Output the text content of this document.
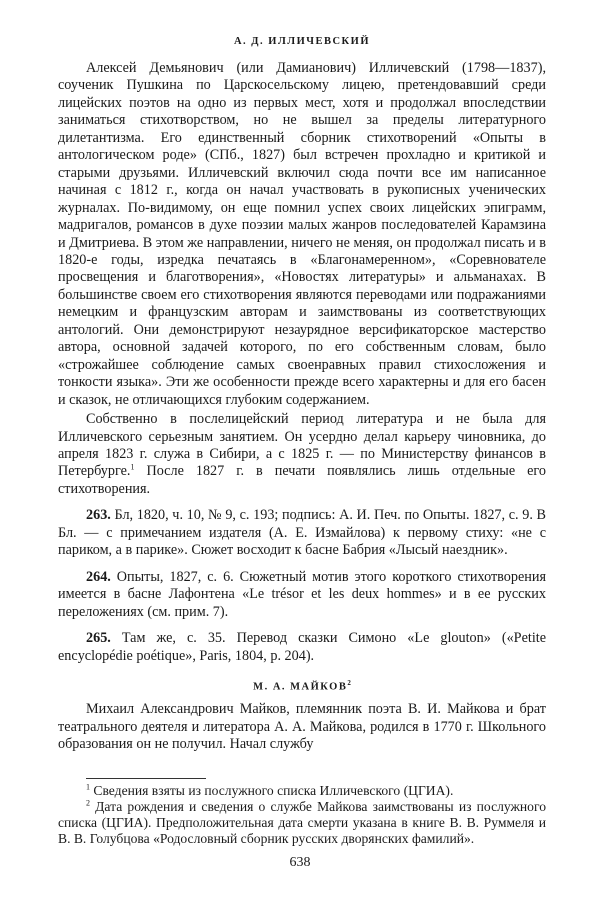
А. Д. ИЛЛИЧЕВСКИЙ

Алексей Демьянович (или Дамианович) Илличевский (1798—1837), соученик Пушкина по Царскосельскому лицею, претендовавший среди лицейских поэтов на одно из первых мест, хотя и продолжал впоследствии заниматься стихотворством, но не вышел за пределы литературного дилетантизма. Его единственный сборник стихотворений «Опыты в антологическом роде» (СПб., 1827) был встречен прохладно и критикой и старыми друзьями. Илличевский включил сюда почти все им написанное начиная с 1812 г., когда он начал участвовать в рукописных ученических журналах. По-видимому, он еще помнил успех своих лицейских эпиграмм, мадригалов, романсов в духе поэзии малых жанров последователей Карамзина и Дмитриева. В этом же направлении, ничего не меняя, он продолжал писать и в 1820-е годы, изредка печатаясь в «Благонамеренном», «Соревнователе просвещения и благотворения», «Новостях литературы» и альманахах. В большинстве своем его стихотворения являются переводами или подражаниями немецким и французским авторам и заимствованы из соответствующих антологий. Они демонстрируют незаурядное версификаторское мастерство автора, основной задачей которого, по его собственным словам, было «строжайшее соблюдение самых своенравных правил стихосложения и тонкости языка». Эти же особенности прежде всего характерны и для его басен и сказок, не отличающихся глубоким содержанием.

Собственно в послелицейский период литература и не была для Илличевского серьезным занятием. Он усердно делал карьеру чиновника, до апреля 1823 г. служа в Сибири, а с 1825 г. — по Министерству финансов в Петербурге.$^1$ После 1827 г. в печати появлялись лишь отдельные его стихотворения.

263. Бл, 1820, ч. 10, № 9, с. 193; подпись: А. И. Печ. по Опыты. 1827, с. 9. В Бл. — с примечанием издателя (А. Е. Измайлова) к первому стиху: «не с париком, а в парике». Сюжет восходит к басне Бабрия «Лысый наездник».

264. Опыты, 1827, с. 6. Сюжетный мотив этого короткого стихотворения имеется в басне Лафонтена «Le trésor et les deux hommes» и в ее русских переложениях (см. прим. 7).

265. Там же, с. 35. Перевод сказки Симоно «Le glouton» («Petite encyclopédie poétique», Paris, 1804, p. 204).

М. А. МАЙКОВ$^2$

Михаил Александрович Майков, племянник поэта В. И. Майкова и брат театрального деятеля и литератора А. А. Майкова, родился в 1770 г. Школьного образования он не получил. Начал службу

$^1$ Сведения взяты из послужного списка Илличевского (ЦГИА).

$^2$ Дата рождения и сведения о службе Майкова заимствованы из послужного списка (ЦГИА). Предположительная дата смерти указана в книге В. В. Руммеля и В. В. Голубцова «Родословный сборник русских дворянских фамилий».

638
